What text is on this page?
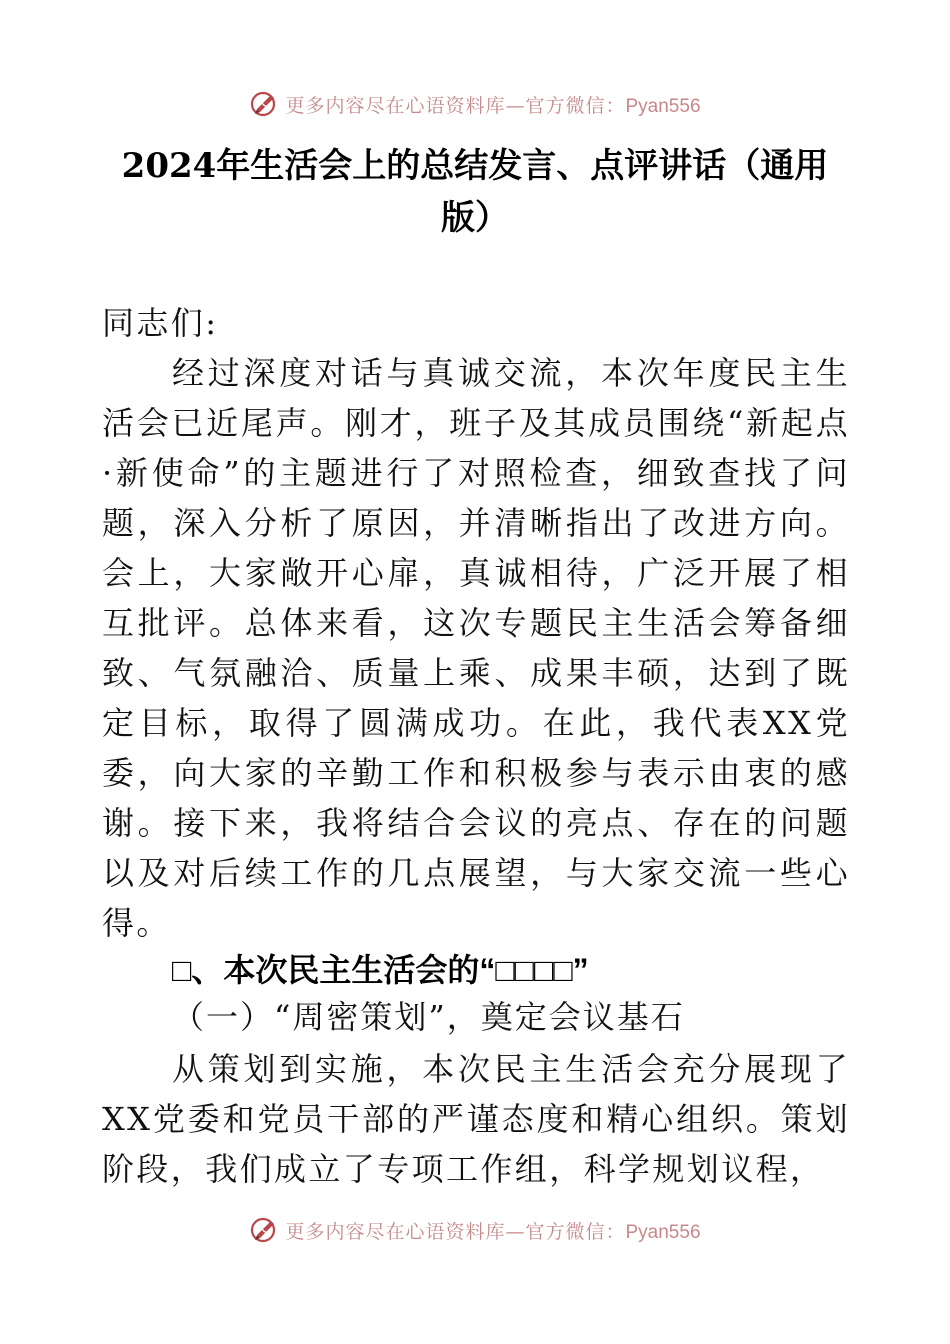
更多内容尽在心语资料库—官方微信：Pyan556
2024年生活会上的总结发言、点评讲话（通用版）
同志们:
经过深度对话与真诚交流，本次年度民主生活会已近尾声。刚才，班子及其成员围绕“新起点·新使命”的主题进行了对照检查，细致查找了问题，深入分析了原因，并清晰指出了改进方向。会上，大家敞开心扉，真诚相待，广泛开展了相互批评。总体来看，这次专题民主生活会筹备细致、气氛融洽、质量上乘、成果丰硕，达到了既定目标，取得了圆满成功。在此，我代表XX党委，向大家的辛勤工作和积极参与表示由衷的感谢。接下来，我将结合会议的亮点、存在的问题以及对后续工作的几点展望，与大家交流一些心得。
□、本次民主生活会的“□□□□”
（一）“周密策划”，奠定会议基石
从策划到实施，本次民主生活会充分展现了XX党委和党员干部的严谨态度和精心组织。策划阶段，我们成立了专项工作组，科学规划议程，
更多内容尽在心语资料库—官方微信：Pyan556
